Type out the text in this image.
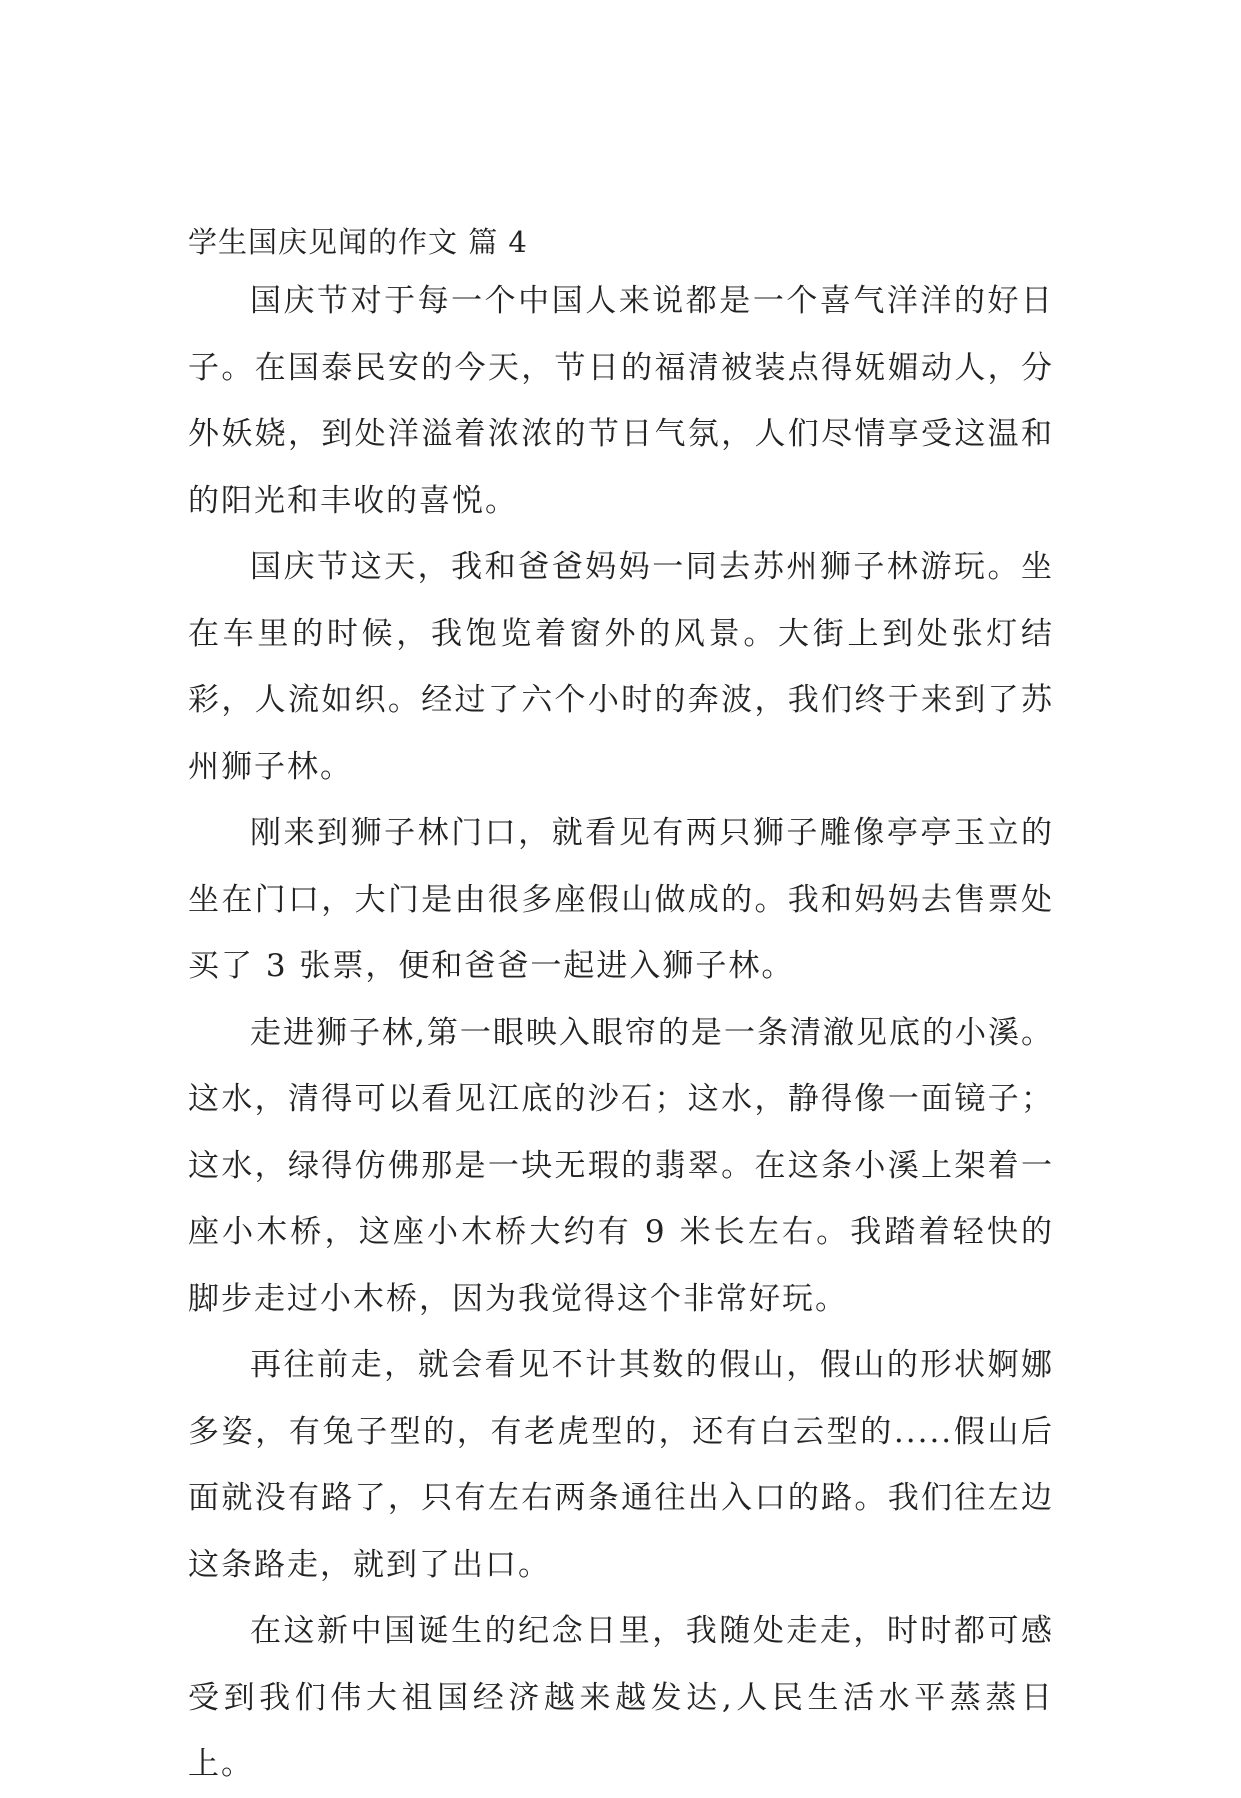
学生国庆见闻的作文 篇 4

国庆节对于每一个中国人来说都是一个喜气洋洋的好日子。在国泰民安的今天，节日的福清被装点得妩媚动人，分外妖娆，到处洋溢着浓浓的节日气氛，人们尽情享受这温和的阳光和丰收的喜悦。

国庆节这天，我和爸爸妈妈一同去苏州狮子林游玩。坐在车里的时候，我饱览着窗外的风景。大街上到处张灯结彩，人流如织。经过了六个小时的奔波，我们终于来到了苏州狮子林。

刚来到狮子林门口，就看见有两只狮子雕像亭亭玉立的坐在门口，大门是由很多座假山做成的。我和妈妈去售票处买了 3 张票，便和爸爸一起进入狮子林。

走进狮子林,第一眼映入眼帘的是一条清澈见底的小溪。这水，清得可以看见江底的沙石；这水，静得像一面镜子；这水，绿得仿佛那是一块无瑕的翡翠。在这条小溪上架着一座小木桥，这座小木桥大约有 9 米长左右。我踏着轻快的脚步走过小木桥，因为我觉得这个非常好玩。

再往前走，就会看见不计其数的假山，假山的形状婀娜多姿，有兔子型的，有老虎型的，还有白云型的.....假山后面就没有路了，只有左右两条通往出入口的路。我们往左边这条路走，就到了出口。

在这新中国诞生的纪念日里，我随处走走，时时都可感受到我们伟大祖国经济越来越发达,人民生活水平蒸蒸日上。
